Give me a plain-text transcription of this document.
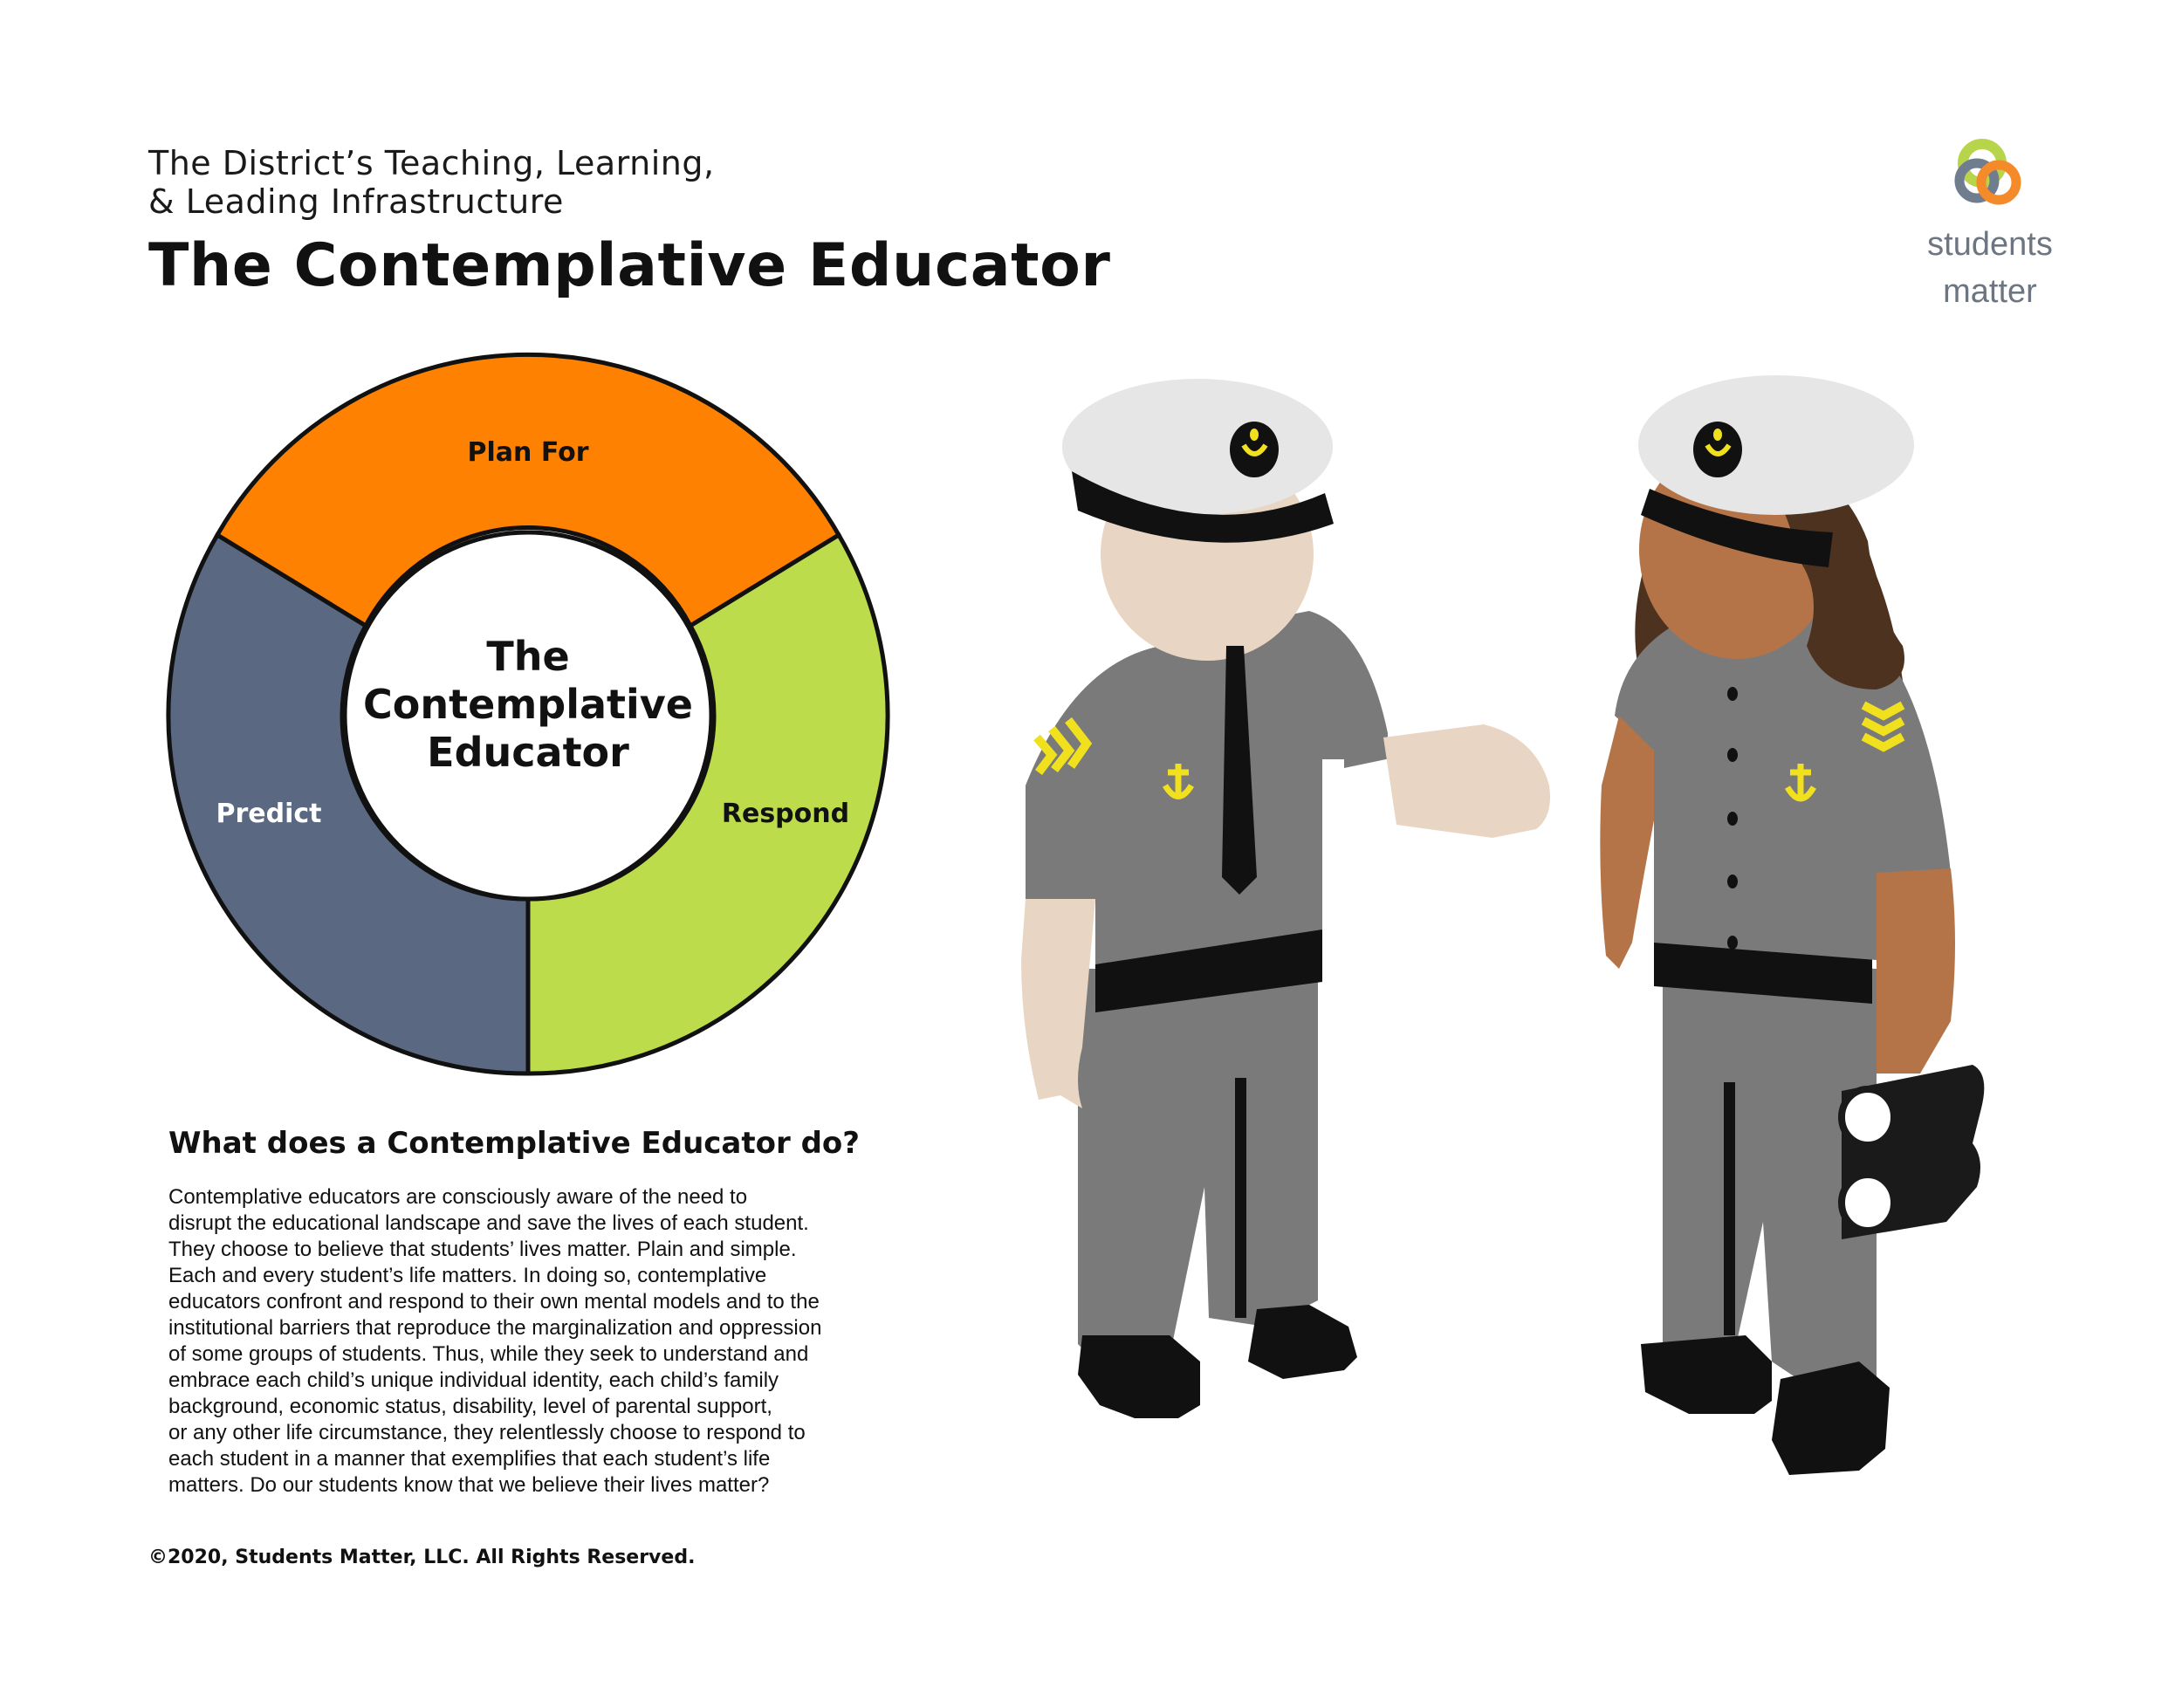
The District’s Teaching, Learning,
& Leading Infrastructure
The Contemplative Educator	students
matter
Plan For
Respond
Predict
The
Contemplative
Educator
What does a Contemplative Educator do?
Contemplative educators are consciously aware of the need to
disrupt the educational landscape and save the lives of each student.
They choose to believe that students’ lives matter. Plain and simple.
Each and every student’s life matters. In doing so, contemplative
educators confront and respond to their own mental models and to the
institutional barriers that reproduce the marginalization and oppression
of some groups of students. Thus, while they seek to understand and
embrace each child’s unique individual identity, each child’s family
background, economic status, disability, level of parental support,
or any other life circumstance, they relentlessly choose to respond to
each student in a manner that exemplifies that each student’s life
matters. Do our students know that we believe their lives matter?
©2020, Students Matter, LLC. All Rights Reserved.
